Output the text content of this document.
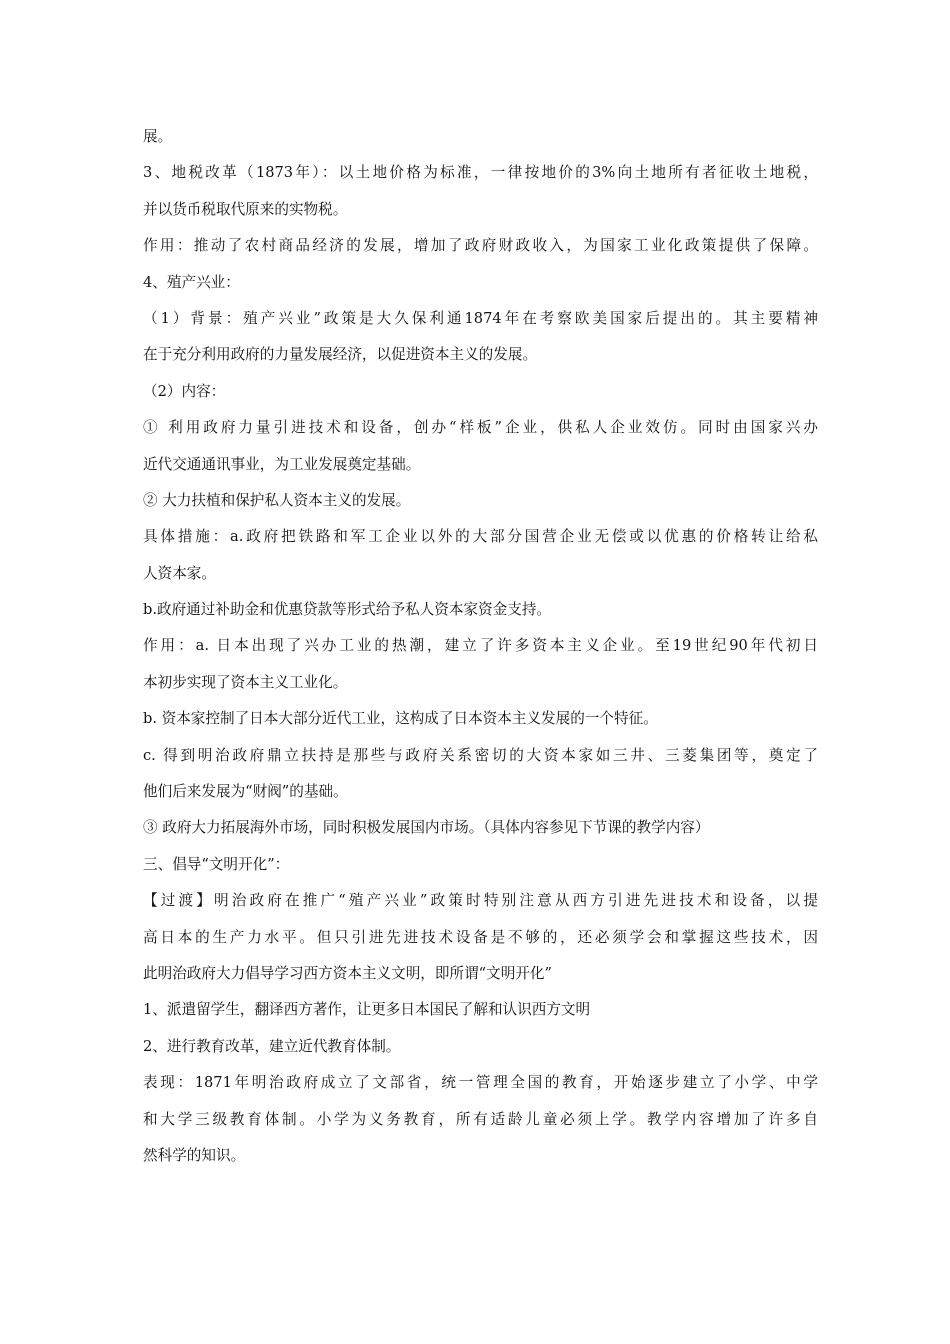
展。
3、地税改革（1873年）：以土地价格为标准，一律按地价的3%向土地所有者征收土地税，
并以货币税取代原来的实物税。
作用：推动了农村商品经济的发展，增加了政府财政收入，为国家工业化政策提供了保障。
4、殖产兴业：
（1）背景：殖产兴业”政策是大久保利通1874年在考察欧美国家后提出的。其主要精神
在于充分利用政府的力量发展经济，以促进资本主义的发展。
（2）内容：
① 利用政府力量引进技术和设备，创办“样板”企业，供私人企业效仿。同时由国家兴办
近代交通通讯事业，为工业发展奠定基础。
② 大力扶植和保护私人资本主义的发展。
具体措施：a.政府把铁路和军工企业以外的大部分国营企业无偿或以优惠的价格转让给私
人资本家。
b.政府通过补助金和优惠贷款等形式给予私人资本家资金支持。
作用：a. 日本出现了兴办工业的热潮，建立了许多资本主义企业。至19世纪90年代初日
本初步实现了资本主义工业化。
b. 资本家控制了日本大部分近代工业，这构成了日本资本主义发展的一个特征。
c. 得到明治政府鼎立扶持是那些与政府关系密切的大资本家如三井、三菱集团等，奠定了
他们后来发展为“财阀”的基础。
③ 政府大力拓展海外市场，同时积极发展国内市场。（具体内容参见下节课的教学内容）
三、倡导“文明开化”：
【过渡】明治政府在推广“殖产兴业”政策时特别注意从西方引进先进技术和设备，以提
高日本的生产力水平。但只引进先进技术设备是不够的，还必须学会和掌握这些技术，因
此明治政府大力倡导学习西方资本主义文明，即所谓“文明开化”
1、派遣留学生，翻译西方著作，让更多日本国民了解和认识西方文明
2、进行教育改革，建立近代教育体制。
表现：1871年明治政府成立了文部省，统一管理全国的教育，开始逐步建立了小学、中学
和大学三级教育体制。小学为义务教育，所有适龄儿童必须上学。教学内容增加了许多自
然科学的知识。
